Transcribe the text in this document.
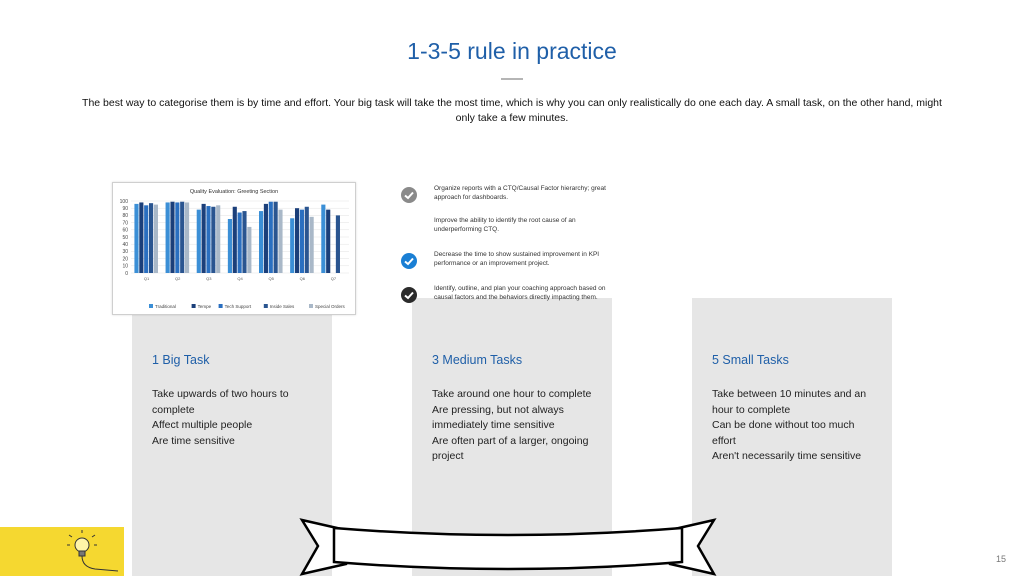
1-3-5 rule in practice
The best way to categorise them is by time and effort. Your big task will take the most time, which is why you can only realistically do one each day. A small task, on the other hand, might only take a few minutes.
1 Big Task
Take upwards of two hours to complete
Affect multiple people
Are time sensitive
3 Medium Tasks
Take around one hour to complete
Are pressing, but not always immediately time sensitive
Are often part of a larger, ongoing project
5 Small Tasks
Take between 10 minutes and an hour to complete
Can be done without too much effort
Aren't necessarily time sensitive
Quality Evaluation: Greeting Section
0
10
20
30
40
50
60
70
80
90
100
Q1	Q2	Q3	Q4	Q5	Q6	Q7
Traditional	Tempe	Tech Support	Inside Sales	Special Orders
Organize reports with a CTQ/Causal Factor hierarchy; great approach for dashboards.
Improve the ability to identify the root cause of an underperforming CTQ.
Decrease the time to show sustained improvement in KPI performance or an improvement project.
Identify, outline, and plan your coaching approach based on causal factors and the behaviors directly impacting them.
15
